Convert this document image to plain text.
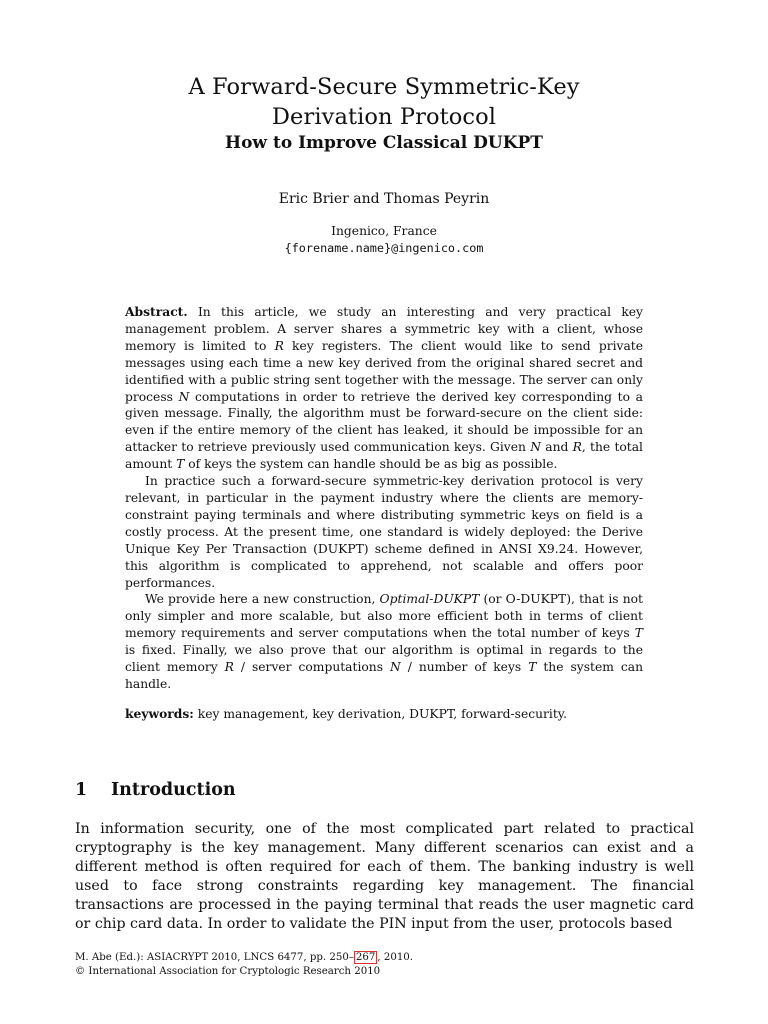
A Forward-Secure Symmetric-Key
Derivation Protocol
How to Improve Classical DUKPT
Eric Brier and Thomas Peyrin
Ingenico, France
{forename.name}@ingenico.com

Abstract. In this article, we study an interesting and very practical key management problem. A server shares a symmetric key with a client, whose memory is limited to R key registers. The client would like to send private messages using each time a new key derived from the original shared secret and identified with a public string sent together with the message. The server can only process N computations in order to retrieve the derived key corresponding to a given message. Finally, the algorithm must be forward-secure on the client side: even if the entire memory of the client has leaked, it should be impossible for an attacker to retrieve previously used communication keys. Given N and R, the total amount T of keys the system can handle should be as big as possible.

In practice such a forward-secure symmetric-key derivation protocol is very relevant, in particular in the payment industry where the clients are memory-constraint paying terminals and where distributing symmetric keys on field is a costly process. At the present time, one standard is widely deployed: the Derive Unique Key Per Transaction (DUKPT) scheme defined in ANSI X9.24. However, this algorithm is complicated to apprehend, not scalable and offers poor performances.

We provide here a new construction, Optimal-DUKPT (or O-DUKPT), that is not only simpler and more scalable, but also more efficient both in terms of client memory requirements and server computations when the total number of keys T is fixed. Finally, we also prove that our algorithm is optimal in regards to the client memory R / server computations N / number of keys T the system can handle.

keywords: key management, key derivation, DUKPT, forward-security.

1 Introduction

In information security, one of the most complicated part related to practical cryptography is the key management. Many different scenarios can exist and a different method is often required for each of them. The banking industry is well used to face strong constraints regarding key management. The financial transactions are processed in the paying terminal that reads the user magnetic card or chip card data. In order to validate the PIN input from the user, protocols based

M. Abe (Ed.): ASIACRYPT 2010, LNCS 6477, pp. 250– 267 , 2010.

© International Association for Cryptologic Research 2010
